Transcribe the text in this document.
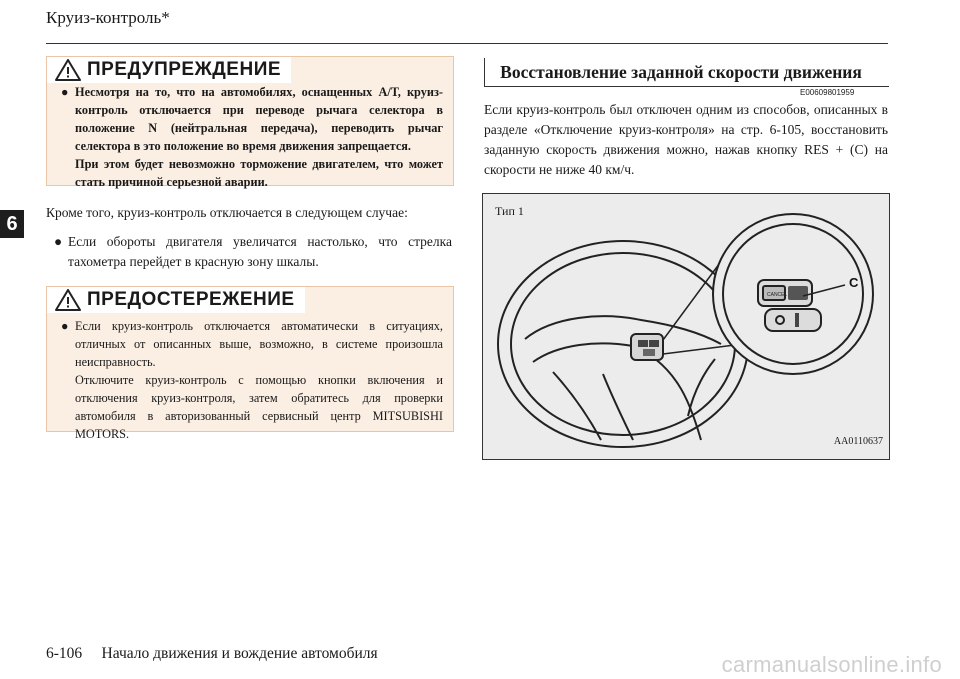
Круиз-контроль*
6
ПРЕДУПРЕЖДЕНИЕ
● Несмотря на то, что на автомобилях, оснащенных А/Т, круиз-контроль отключается при переводе рычага селектора в положение N (нейтральная передача), переводить рычаг селектора в это положение во время движения запрещается.

При этом будет невозможно торможение двигателем, что может стать причиной серьезной аварии.

Кроме того, круиз-контроль отключается в следующем случае:
● Если обороты двигателя увеличатся настолько, что стрелка тахометра перейдет в красную зону шкалы.
ПРЕДОСТЕРЕЖЕНИЕ
● Если круиз-контроль отключается автоматически в ситуациях, отличных от описанных выше, возможно, в системе произошла неисправность.

Отключите круиз-контроль с помощью кнопки включения и отключения круиз-контроля, затем обратитесь для проверки автомобиля в авторизованный сервисный центр MITSUBISHI MOTORS.

Восстановление заданной скорости движения
E00609801959
Если круиз-контроль был отключен одним из способов, описанных в разделе «Отключение круиз-контроля» на стр. 6-105, восстановить заданную скорость движения можно, нажав кнопку RES + (C) на скорости не ниже 40 км/ч.
CANCEL
C
Тип 1
AA0110637
6-106 Начало движения и вождение автомобиля	carmanualsonline.info
